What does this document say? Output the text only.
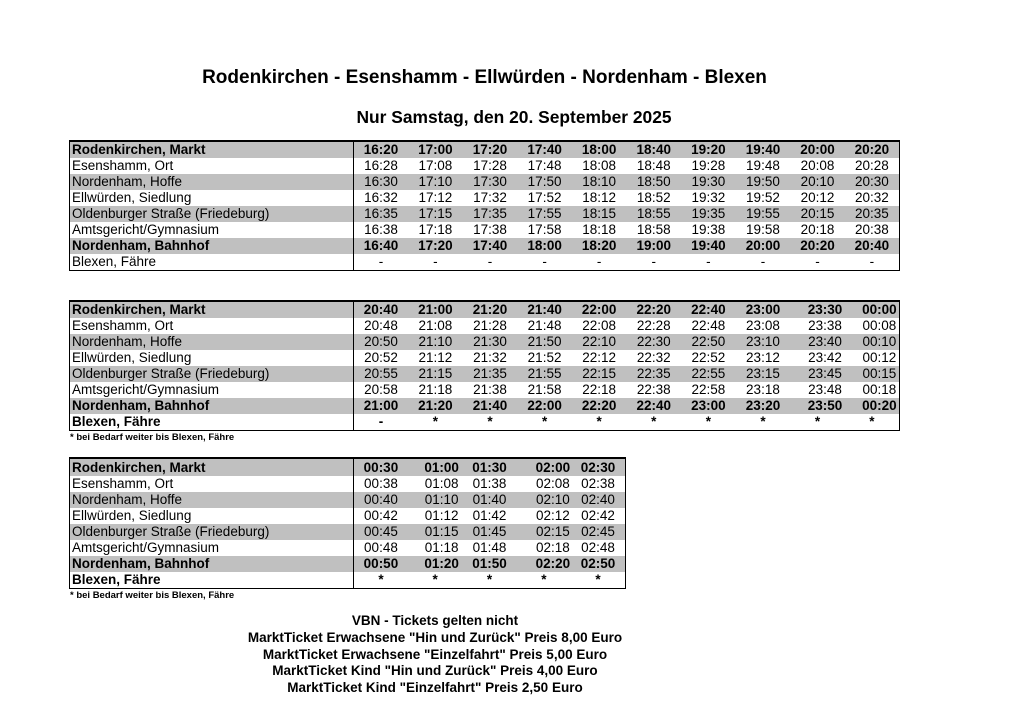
Rodenkirchen - Esenshamm - Ellwürden - Nordenham - Blexen
Nur Samstag, den 20. September 2025
Rodenkirchen, Markt	16:20	17:00	17:20	17:40	18:00	18:40	19:20	19:40	20:00	20:20
Esenshamm, Ort	16:28	17:08	17:28	17:48	18:08	18:48	19:28	19:48	20:08	20:28
Nordenham, Hoffe	16:30	17:10	17:30	17:50	18:10	18:50	19:30	19:50	20:10	20:30
Ellwürden, Siedlung	16:32	17:12	17:32	17:52	18:12	18:52	19:32	19:52	20:12	20:32
Oldenburger Straße (Friedeburg)	16:35	17:15	17:35	17:55	18:15	18:55	19:35	19:55	20:15	20:35
Amtsgericht/Gymnasium	16:38	17:18	17:38	17:58	18:18	18:58	19:38	19:58	20:18	20:38
Nordenham, Bahnhof	16:40	17:20	17:40	18:00	18:20	19:00	19:40	20:00	20:20	20:40
Blexen, Fähre	-	-	-	-	-	-	-	-	-	-
Rodenkirchen, Markt	20:40	21:00	21:20	21:40	22:00	22:20	22:40	23:00	23:30	00:00
Esenshamm, Ort	20:48	21:08	21:28	21:48	22:08	22:28	22:48	23:08	23:38	00:08
Nordenham, Hoffe	20:50	21:10	21:30	21:50	22:10	22:30	22:50	23:10	23:40	00:10
Ellwürden, Siedlung	20:52	21:12	21:32	21:52	22:12	22:32	22:52	23:12	23:42	00:12
Oldenburger Straße (Friedeburg)	20:55	21:15	21:35	21:55	22:15	22:35	22:55	23:15	23:45	00:15
Amtsgericht/Gymnasium	20:58	21:18	21:38	21:58	22:18	22:38	22:58	23:18	23:48	00:18
Nordenham, Bahnhof	21:00	21:20	21:40	22:00	22:20	22:40	23:00	23:20	23:50	00:20
Blexen, Fähre	-	*	*	*	*	*	*	*	*	*
* bei Bedarf weiter bis Blexen, Fähre
Rodenkirchen, Markt	00:30	01:00	01:30	02:00	02:30
Esenshamm, Ort	00:38	01:08	01:38	02:08	02:38
Nordenham, Hoffe	00:40	01:10	01:40	02:10	02:40
Ellwürden, Siedlung	00:42	01:12	01:42	02:12	02:42
Oldenburger Straße (Friedeburg)	00:45	01:15	01:45	02:15	02:45
Amtsgericht/Gymnasium	00:48	01:18	01:48	02:18	02:48
Nordenham, Bahnhof	00:50	01:20	01:50	02:20	02:50
Blexen, Fähre	*	*	*	*	*
* bei Bedarf weiter bis Blexen, Fähre
VBN - Tickets gelten nicht
MarktTicket Erwachsene "Hin und Zurück" Preis 8,00 Euro
MarktTicket Erwachsene "Einzelfahrt" Preis 5,00 Euro
MarktTicket Kind "Hin und Zurück" Preis 4,00 Euro
MarktTicket Kind "Einzelfahrt" Preis 2,50 Euro
